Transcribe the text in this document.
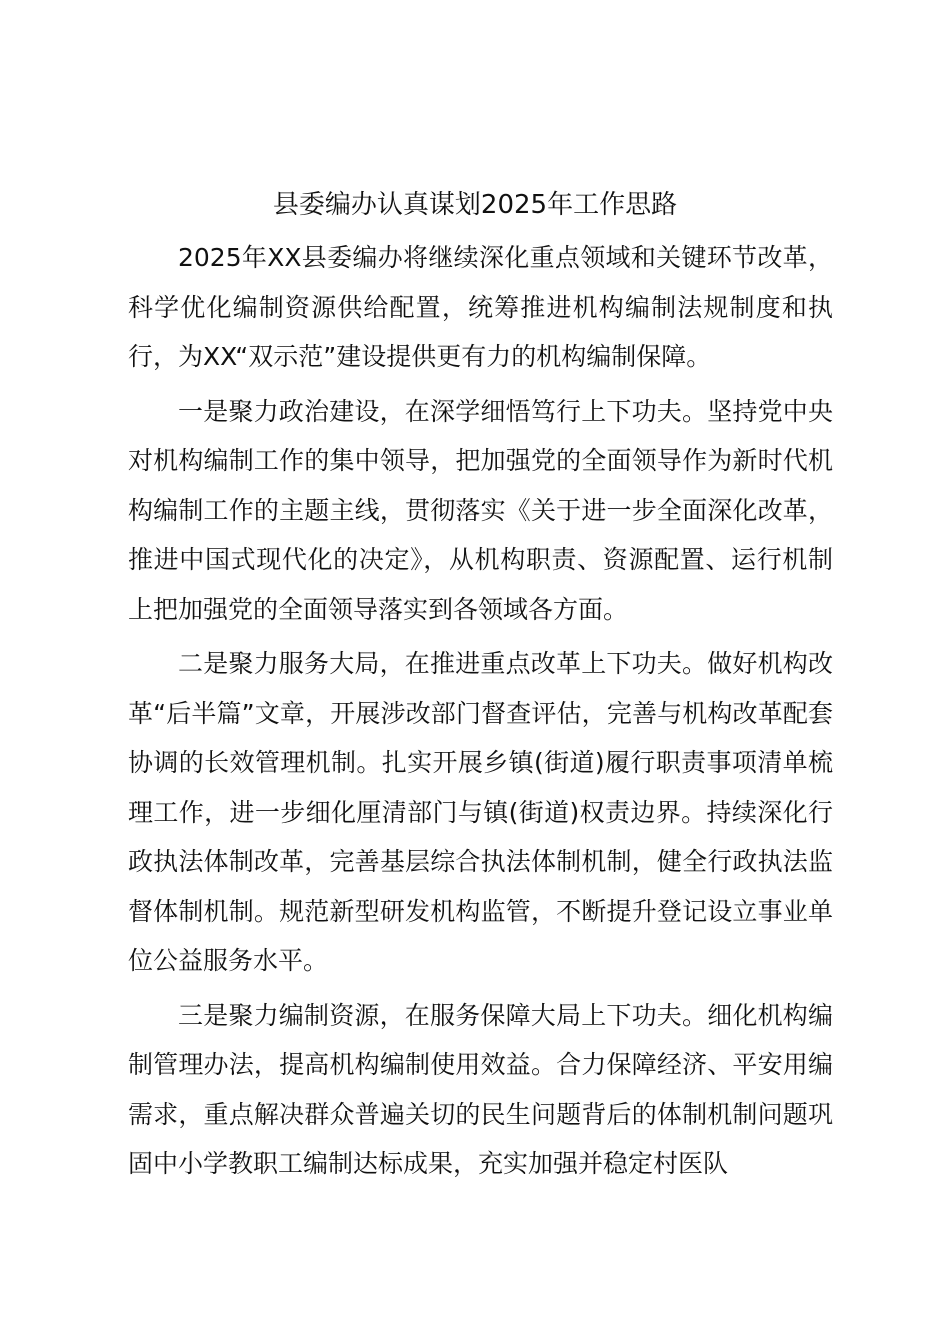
县委编办认真谋划2025年工作思路

2025年XX县委编办将继续深化重点领域和关键环节改革，科学优化编制资源供给配置，统筹推进机构编制法规制度和执行，为XX“双示范”建设提供更有力的机构编制保障。

一是聚力政治建设，在深学细悟笃行上下功夫。坚持党中央对机构编制工作的集中领导，把加强党的全面领导作为新时代机构编制工作的主题主线，贯彻落实《关于进一步全面深化改革，推进中国式现代化的决定》，从机构职责、资源配置、运行机制上把加强党的全面领导落实到各领域各方面。

二是聚力服务大局，在推进重点改革上下功夫。做好机构改革“后半篇”文章，开展涉改部门督查评估，完善与机构改革配套协调的长效管理机制。扎实开展乡镇(街道)履行职责事项清单梳理工作，进一步细化厘清部门与镇(街道)权责边界。持续深化行政执法体制改革，完善基层综合执法体制机制，健全行政执法监督体制机制。规范新型研发机构监管，不断提升登记设立事业单位公益服务水平。

三是聚力编制资源，在服务保障大局上下功夫。细化机构编制管理办法，提高机构编制使用效益。合力保障经济、平安用编需求，重点解决群众普遍关切的民生问题背后的体制机制问题巩固中小学教职工编制达标成果，充实加强并稳定村医队
